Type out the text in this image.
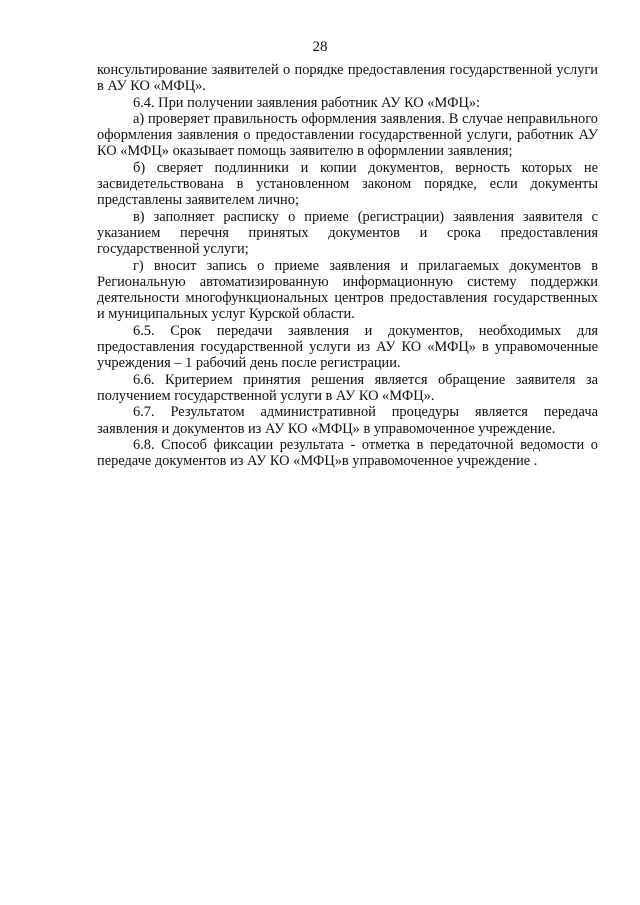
28

консультирование заявителей о порядке предоставления государственной услуги в АУ КО «МФЦ».

6.4. При получении заявления работник АУ КО «МФЦ»:

а) проверяет правильность оформления заявления. В случае неправильного оформления заявления о предоставлении государственной услуги, работник АУ КО «МФЦ» оказывает помощь заявителю в оформлении заявления;

б) сверяет подлинники и копии документов, верность которых не засвидетельствована в установленном законом порядке, если документы представлены заявителем лично;

в) заполняет расписку о приеме (регистрации) заявления заявителя с указанием перечня принятых документов и срока предоставления государственной услуги;

г) вносит запись о приеме заявления и прилагаемых документов в Региональную автоматизированную информационную систему поддержки деятельности многофункциональных центров предоставления государственных и муниципальных услуг Курской области.

6.5. Срок передачи заявления и документов, необходимых для предоставления государственной услуги из АУ КО «МФЦ» в управомоченные учреждения – 1 рабочий день после регистрации.

6.6. Критерием принятия решения является обращение заявителя за получением государственной услуги в АУ КО «МФЦ».

6.7. Результатом административной процедуры является передача заявления и документов из АУ КО «МФЦ» в управомоченное учреждение.

6.8. Способ фиксации результата - отметка в передаточной ведомости о передаче документов из АУ КО «МФЦ»в управомоченное учреждение .
